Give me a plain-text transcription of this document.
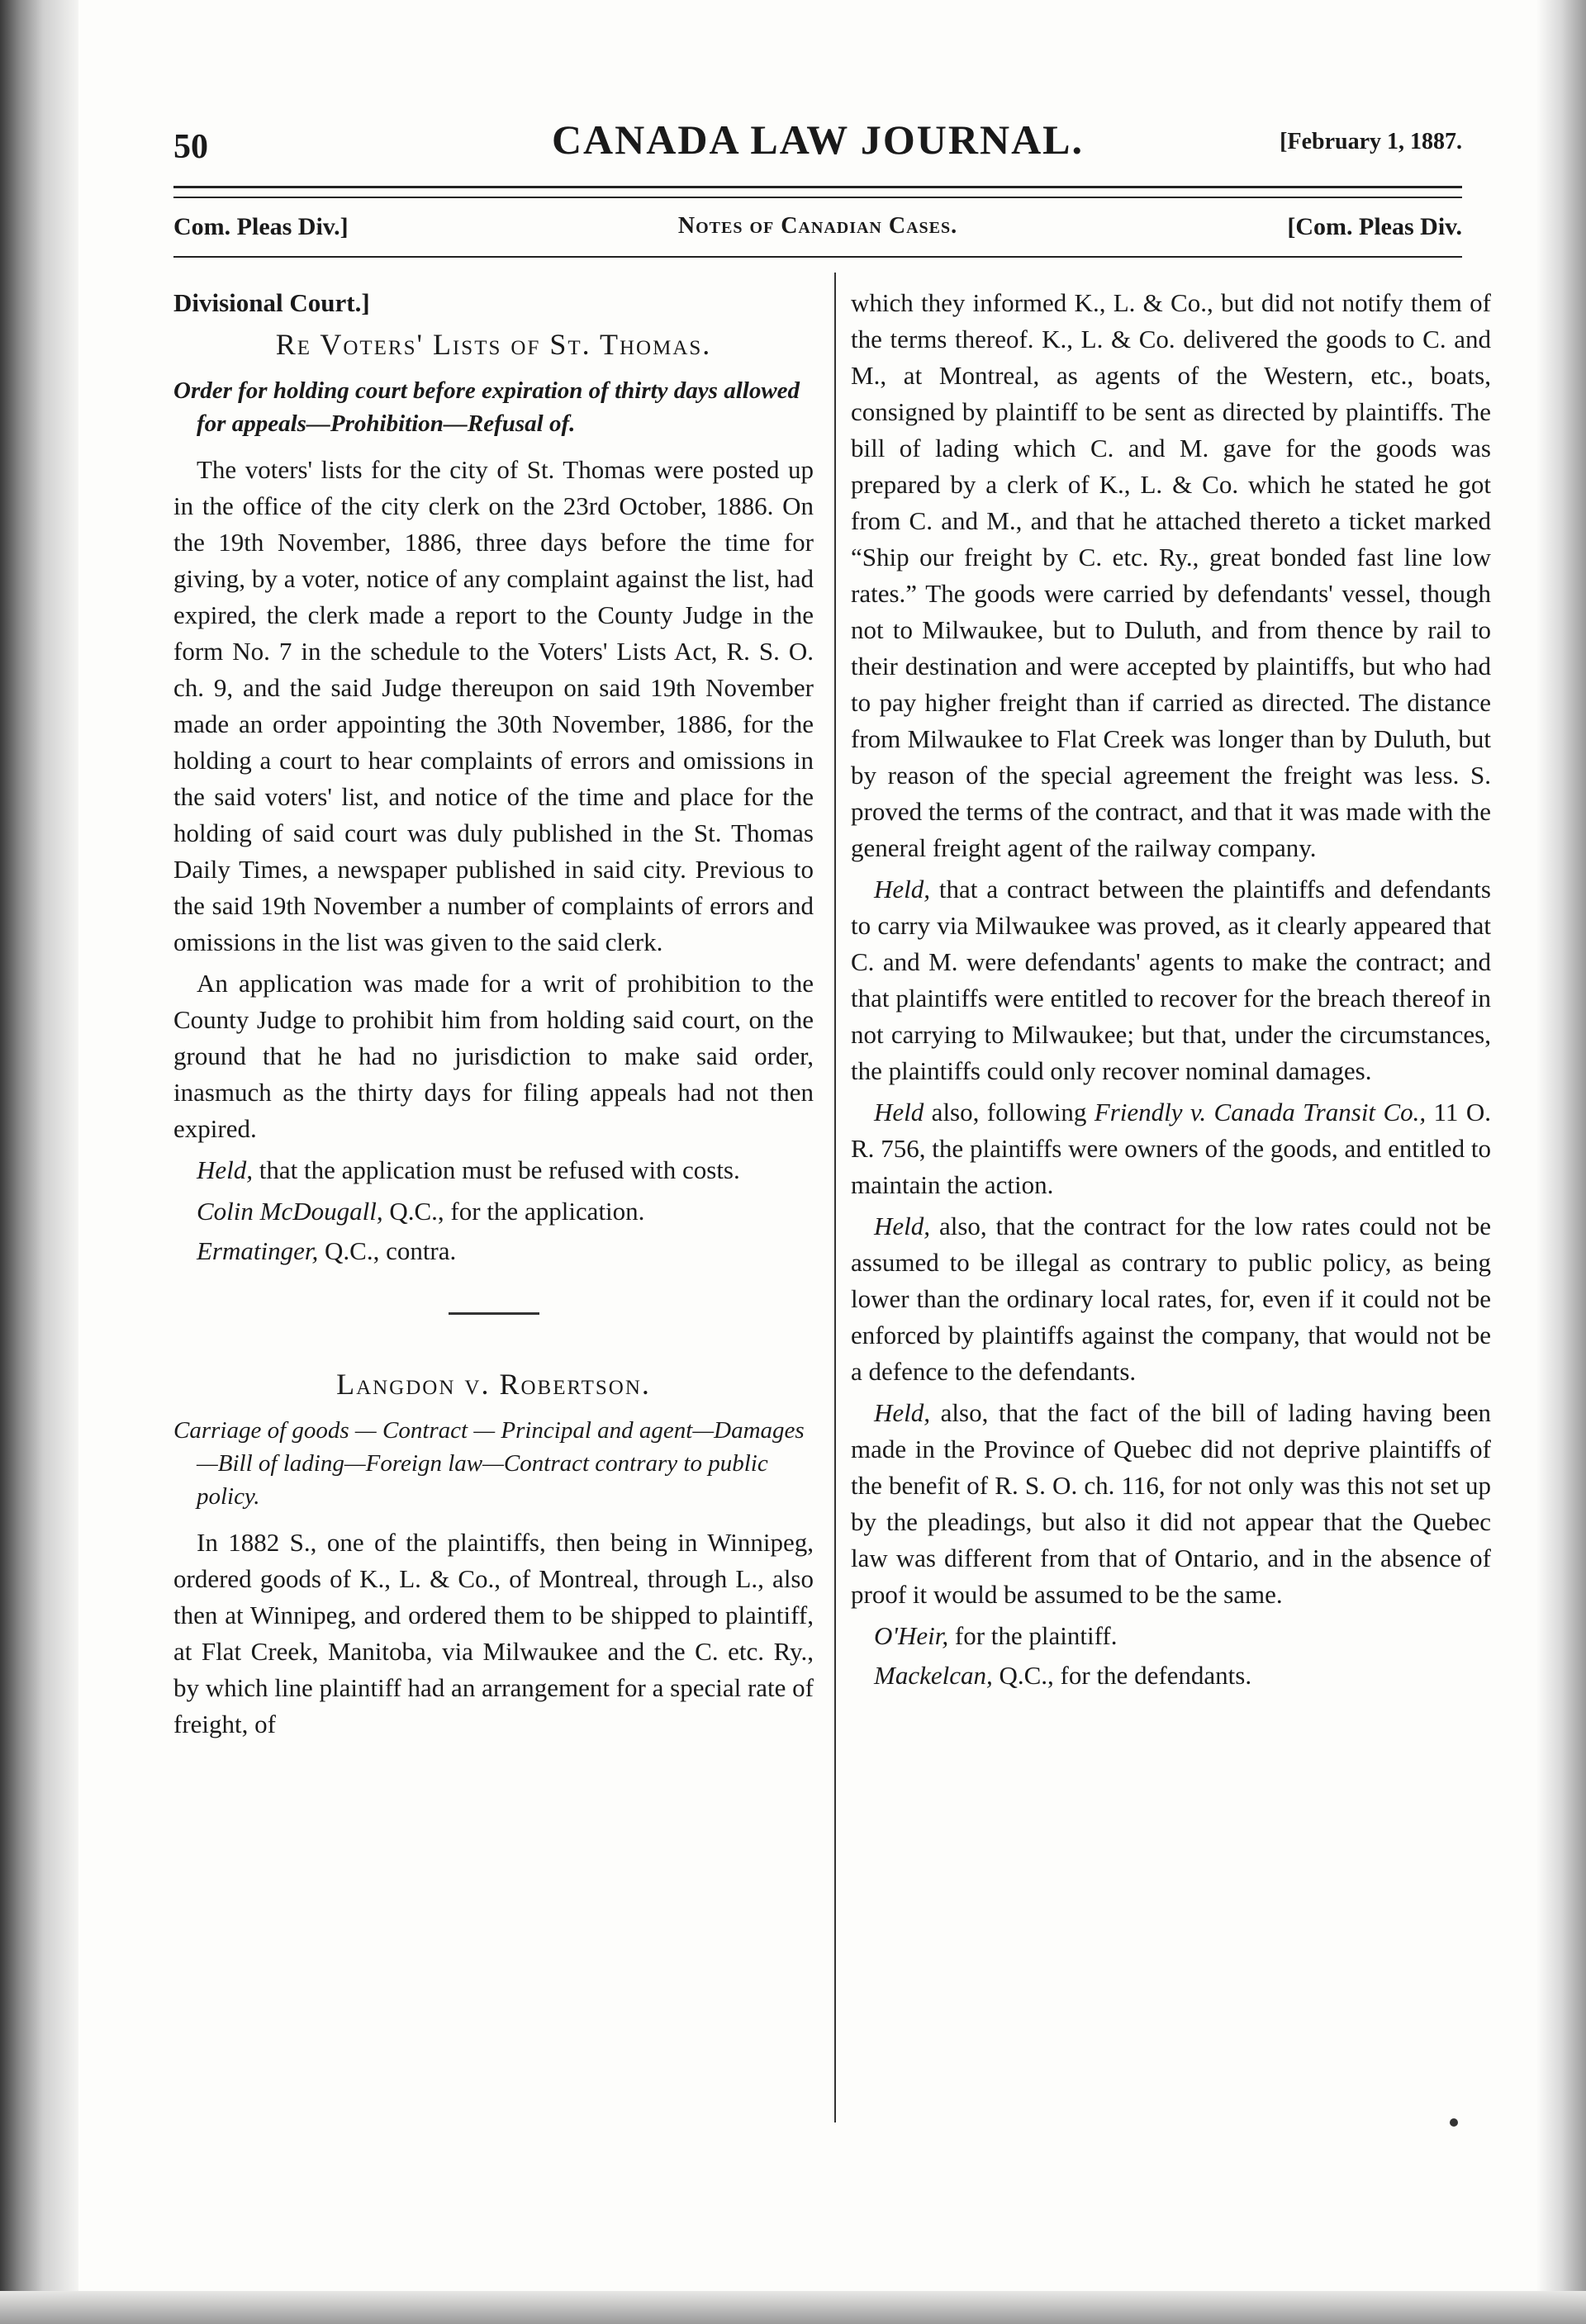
50	CANADA LAW JOURNAL.	[February 1, 1887.
Com. Pleas Div.]	Notes of Canadian Cases.	[Com. Pleas Div.
Divisional Court.]
Re Voters' Lists of St. Thomas.
Order for holding court before expiration of thirty days allowed for appeals—Prohibition—Refusal of.

The voters' lists for the city of St. Thomas were posted up in the office of the city clerk on the 23rd October, 1886. On the 19th November, 1886, three days before the time for giving, by a voter, notice of any complaint against the list, had expired, the clerk made a report to the County Judge in the form No. 7 in the schedule to the Voters' Lists Act, R. S. O. ch. 9, and the said Judge thereupon on said 19th November made an order appointing the 30th November, 1886, for the holding a court to hear complaints of errors and omissions in the said voters' list, and notice of the time and place for the holding of said court was duly published in the St. Thomas Daily Times, a newspaper published in said city. Previous to the said 19th November a number of complaints of errors and omissions in the list was given to the said clerk.

An application was made for a writ of prohibition to the County Judge to prohibit him from holding said court, on the ground that he had no jurisdiction to make said order, inasmuch as the thirty days for filing appeals had not then expired.

Held, that the application must be refused with costs.

Colin McDougall, Q.C., for the application.
Ermatinger, Q.C., contra.
Langdon v. Robertson.
Carriage of goods — Contract — Principal and agent—Damages—Bill of lading—Foreign law—Contract contrary to public policy.

In 1882 S., one of the plaintiffs, then being in Winnipeg, ordered goods of K., L. & Co., of Montreal, through L., also then at Winnipeg, and ordered them to be shipped to plaintiff, at Flat Creek, Manitoba, via Milwaukee and the C. etc. Ry., by which line plaintiff had an arrangement for a special rate of freight, of

which they informed K., L. & Co., but did not notify them of the terms thereof. K., L. & Co. delivered the goods to C. and M., at Montreal, as agents of the Western, etc., boats, consigned by plaintiff to be sent as directed by plaintiffs. The bill of lading which C. and M. gave for the goods was prepared by a clerk of K., L. & Co. which he stated he got from C. and M., and that he attached thereto a ticket marked “Ship our freight by C. etc. Ry., great bonded fast line low rates.” The goods were carried by defendants' vessel, though not to Milwaukee, but to Duluth, and from thence by rail to their destination and were accepted by plaintiffs, but who had to pay higher freight than if carried as directed. The distance from Milwaukee to Flat Creek was longer than by Duluth, but by reason of the special agreement the freight was less. S. proved the terms of the contract, and that it was made with the general freight agent of the railway company.

Held, that a contract between the plaintiffs and defendants to carry via Milwaukee was proved, as it clearly appeared that C. and M. were defendants' agents to make the contract; and that plaintiffs were entitled to recover for the breach thereof in not carrying to Milwaukee; but that, under the circumstances, the plaintiffs could only recover nominal damages.

Held also, following Friendly v. Canada Transit Co., 11 O. R. 756, the plaintiffs were owners of the goods, and entitled to maintain the action.

Held, also, that the contract for the low rates could not be assumed to be illegal as contrary to public policy, as being lower than the ordinary local rates, for, even if it could not be enforced by plaintiffs against the company, that would not be a defence to the defendants.

Held, also, that the fact of the bill of lading having been made in the Province of Quebec did not deprive plaintiffs of the benefit of R. S. O. ch. 116, for not only was this not set up by the pleadings, but also it did not appear that the Quebec law was different from that of Ontario, and in the absence of proof it would be assumed to be the same.

O'Heir, for the plaintiff.
Mackelcan, Q.C., for the defendants.
